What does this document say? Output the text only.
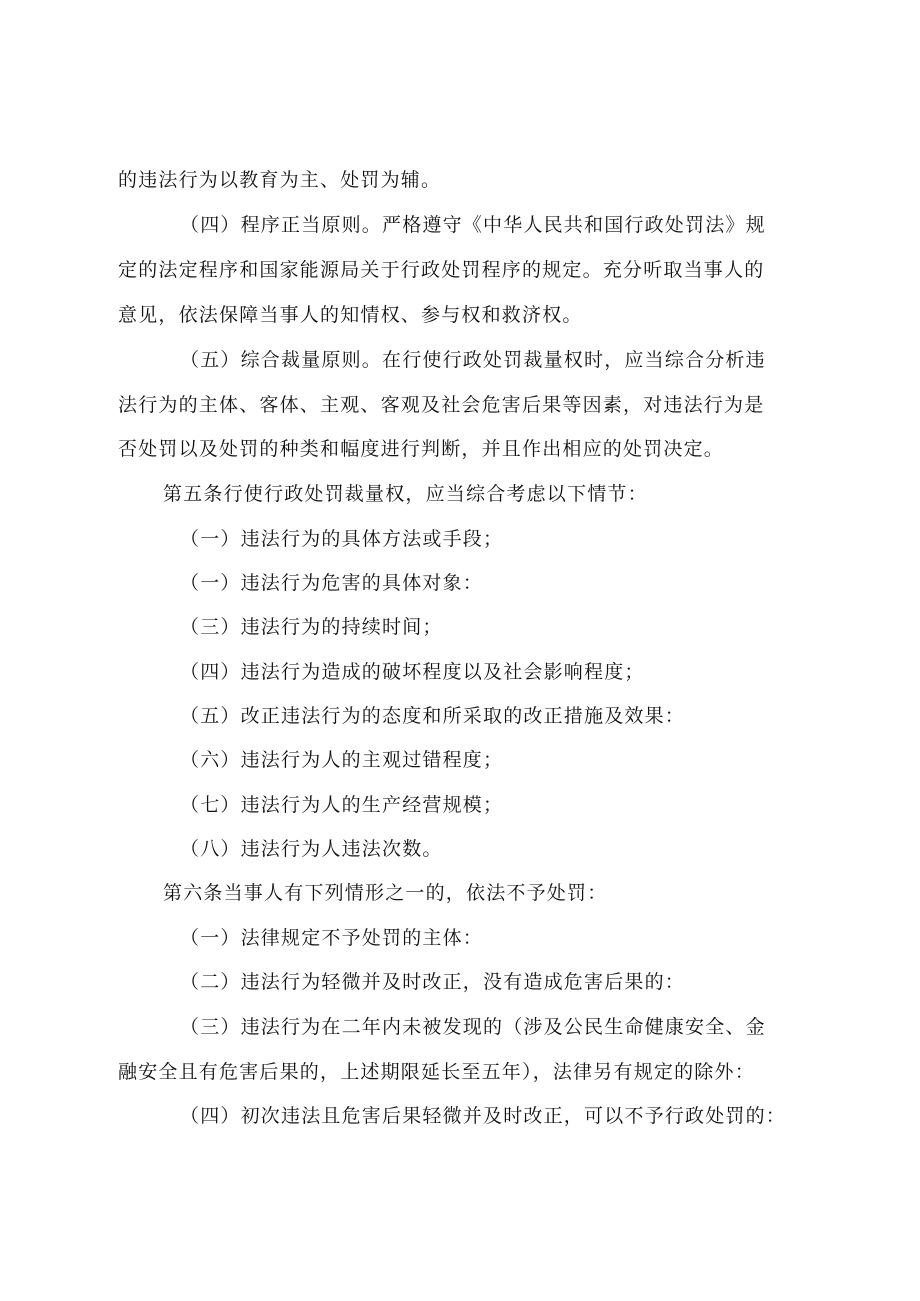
的违法行为以教育为主、处罚为辅。
（四）程序正当原则。严格遵守《中华人民共和国行政处罚法》规
定的法定程序和国家能源局关于行政处罚程序的规定。充分听取当事人的
意见，依法保障当事人的知情权、参与权和救济权。
（五）综合裁量原则。在行使行政处罚裁量权时，应当综合分析违
法行为的主体、客体、主观、客观及社会危害后果等因素，对违法行为是
否处罚以及处罚的种类和幅度进行判断，并且作出相应的处罚决定。
第五条行使行政处罚裁量权，应当综合考虑以下情节：
（一）违法行为的具体方法或手段；
（一）违法行为危害的具体对象：
（三）违法行为的持续时间；
（四）违法行为造成的破坏程度以及社会影响程度；
（五）改正违法行为的态度和所采取的改正措施及效果：
（六）违法行为人的主观过错程度；
（七）违法行为人的生产经营规模；
（八）违法行为人违法次数。
第六条当事人有下列情形之一的，依法不予处罚：
（一）法律规定不予处罚的主体：
（二）违法行为轻微并及时改正，没有造成危害后果的：
（三）违法行为在二年内未被发现的（涉及公民生命健康安全、金
融安全且有危害后果的，上述期限延长至五年），法律另有规定的除外：
（四）初次违法且危害后果轻微并及时改正，可以不予行政处罚的：
